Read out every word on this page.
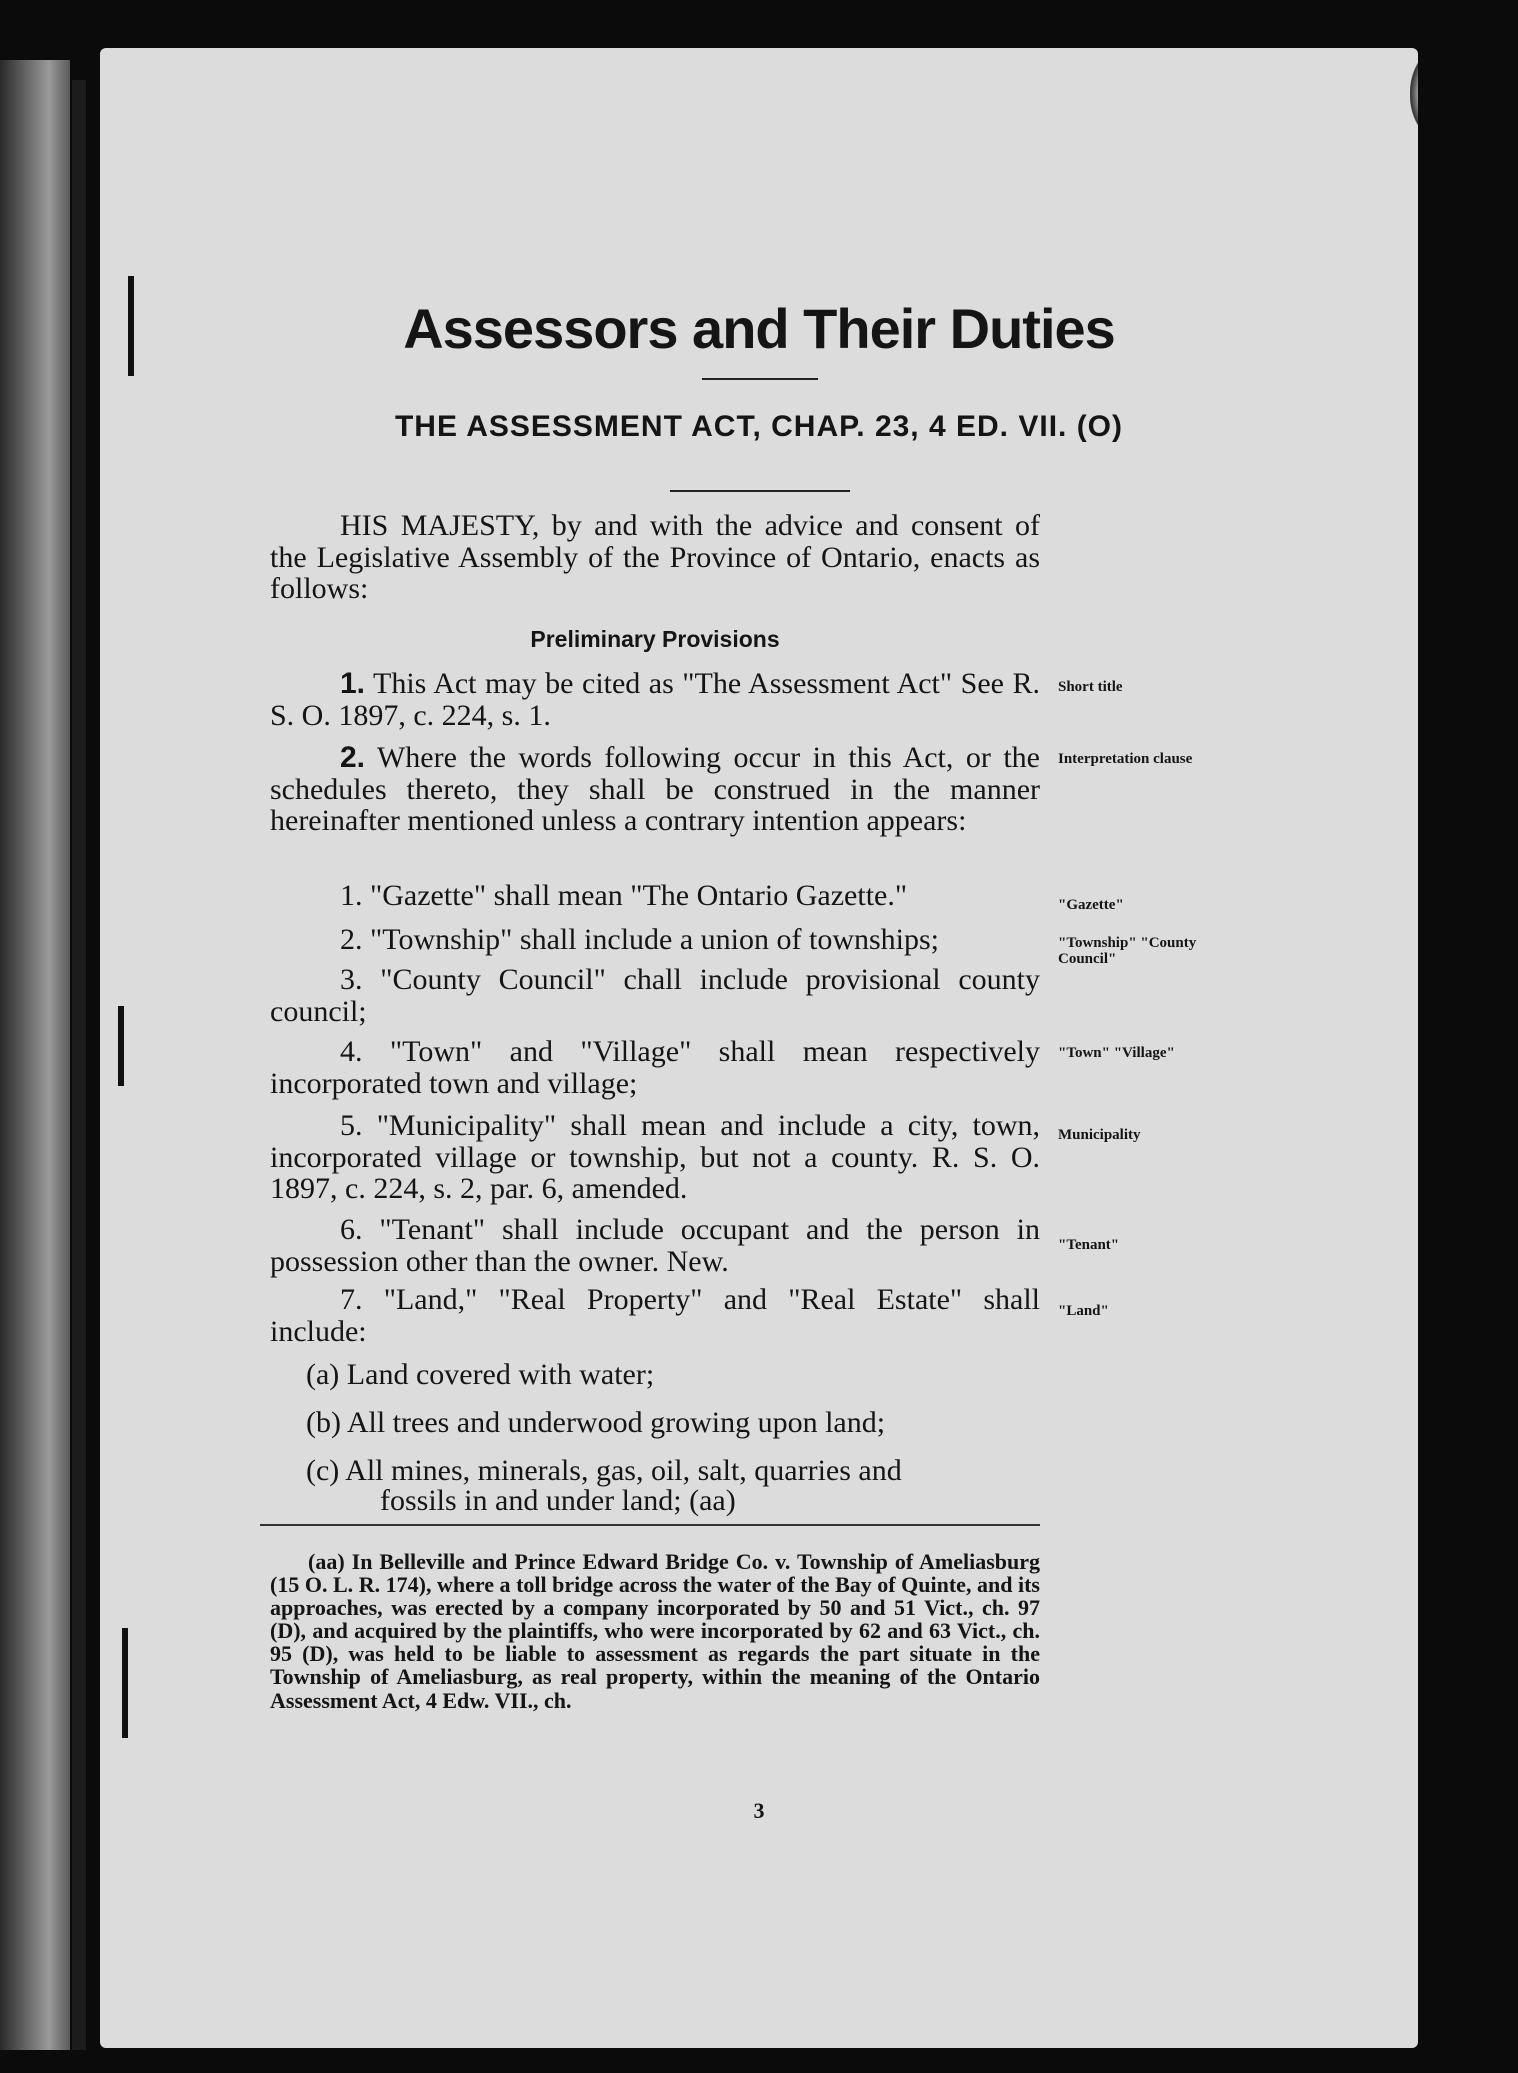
Assessors and Their Duties
THE ASSESSMENT ACT, CHAP. 23, 4 ED. VII. (O)

HIS MAJESTY, by and with the advice and consent of the Legislative Assembly of the Province of Ontario, enacts as follows:

Preliminary Provisions

1. This Act may be cited as "The Assessment Act" See R. S. O. 1897, c. 224, s. 1.

Short title

2. Where the words following occur in this Act, or the schedules thereto, they shall be construed in the manner hereinafter mentioned unless a contrary intention appears:

Interpretation clause

1. "Gazette" shall mean "The Ontario Gazette."	"Gazette"

2. "Township" shall include a union of townships;	"Township" "County Council"

3. "County Council" chall include provisional county council;

4. "Town" and "Village" shall mean respectively incorporated town and village;

"Town" "Village"

5. "Municipality" shall mean and include a city, town, incorporated village or township, but not a county. R. S. O. 1897, c. 224, s. 2, par. 6, amended.

Municipality

6. "Tenant" shall include occupant and the person in possession other than the owner. New.	"Tenant"

7. "Land," "Real Property" and "Real Estate" shall include:

"Land"
(a) Land covered with water;
(b) All trees and underwood growing upon land;
(c) All mines, minerals, gas, oil, salt, quarries and
fossils in and under land; (aa)
(aa) In Belleville and Prince Edward Bridge Co. v. Township of Ameliasburg (15 O. L. R. 174), where a toll bridge across the water of the Bay of Quinte, and its approaches, was erected by a company incorporated by 50 and 51 Vict., ch. 97 (D), and acquired by the plaintiffs, who were incorporated by 62 and 63 Vict., ch. 95 (D), was held to be liable to assessment as regards the part situate in the Township of Ameliasburg, as real property, within the meaning of the Ontario Assessment Act, 4 Edw. VII., ch.
3
